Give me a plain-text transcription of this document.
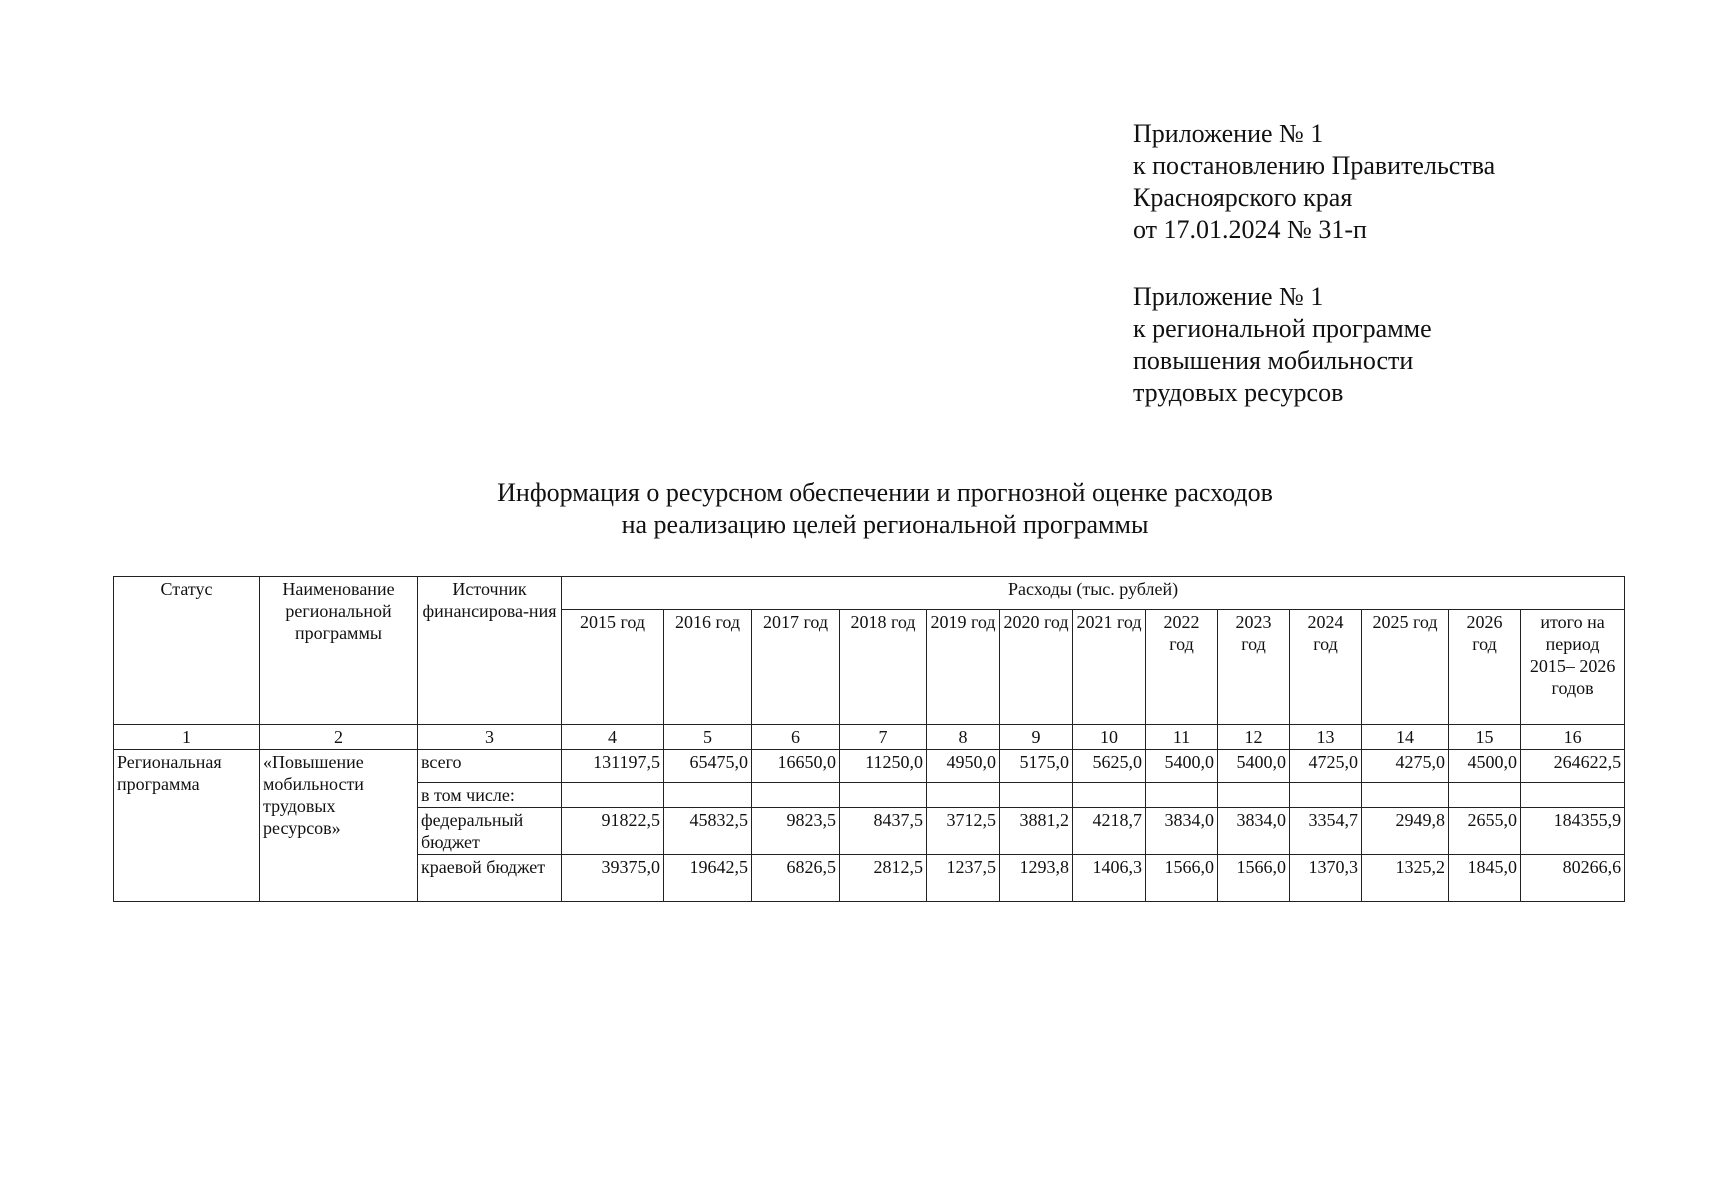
Приложение № 1
к постановлению Правительства
Красноярского края
от 17.01.2024 № 31-п
Приложение № 1
к региональной программе
повышения мобильности
трудовых ресурсов
Информация о ресурсном обеспечении и прогнозной оценке расходов
на реализацию целей региональной программы
Статус	Наименование региональной программы	Источник финансирова-ния	Расходы (тыс. рублей)												
			2015 год	2016 год	2017 год	2018 год	2019 год	2020 год	2021 год	2022 год	2023 год	2024 год	2025 год	2026 год	итого на период 2015– 2026 годов
1	2	3	4	5	6	7	8	9	10	11	12	13	14	15	16
Региональная программа	«Повышение мобильности трудовых ресурсов»	всего	131197,5	65475,0	16650,0	11250,0	4950,0	5175,0	5625,0	5400,0	5400,0	4725,0	4275,0	4500,0	264622,5
		в том числе:													
		федеральный бюджет	91822,5	45832,5	9823,5	8437,5	3712,5	3881,2	4218,7	3834,0	3834,0	3354,7	2949,8	2655,0	184355,9
		краевой бюджет	39375,0	19642,5	6826,5	2812,5	1237,5	1293,8	1406,3	1566,0	1566,0	1370,3	1325,2	1845,0	80266,6
